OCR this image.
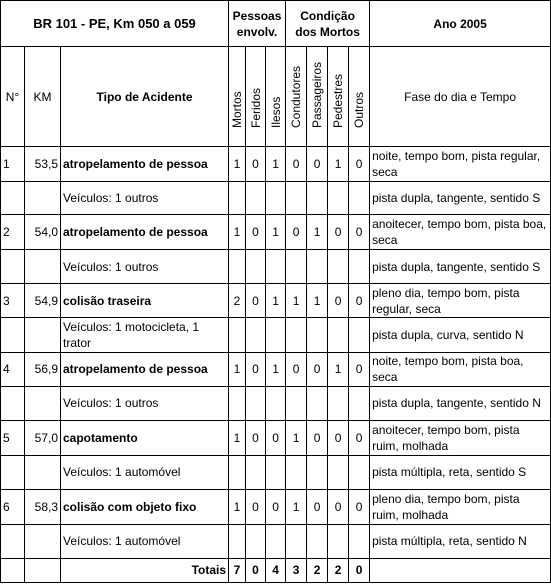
BR 101 - PE, Km 050 a 059			Pessoas
envolv.			Condição
dos Mortos				Ano 2005
N°	KM	Tipo de Acidente	Mortos	Feridos	Ilesos	Condutores	Passageiros	Pedestres	Outros	Fase do dia e Tempo
1	53,5	atropelamento de pessoa	1	0	1	0	0	1	0	noite, tempo bom, pista regular, seca
		Veículos: 1 outros								pista dupla, tangente, sentido S
2	54,0	atropelamento de pessoa	1	0	1	0	1	0	0	anoitecer, tempo bom, pista boa, seca
		Veículos: 1 outros								pista dupla, tangente, sentido S
3	54,9	colisão traseira	2	0	1	1	1	0	0	pleno dia, tempo bom, pista regular, seca
		Veículos: 1 motocicleta, 1 trator								pista dupla, curva, sentido N
4	56,9	atropelamento de pessoa	1	0	1	0	0	1	0	noite, tempo bom, pista boa, seca
		Veículos: 1 outros								pista dupla, tangente, sentido N
5	57,0	capotamento	1	0	0	1	0	0	0	anoitecer, tempo bom, pista ruim, molhada
		Veículos: 1 automóvel								pista múltipla, reta, sentido S
6	58,3	colisão com objeto fixo	1	0	0	1	0	0	0	pleno dia, tempo bom, pista ruim, molhada
		Veículos: 1 automóvel								pista múltipla, reta, sentido N
		Totais	7	0	4	3	2	2	0	
